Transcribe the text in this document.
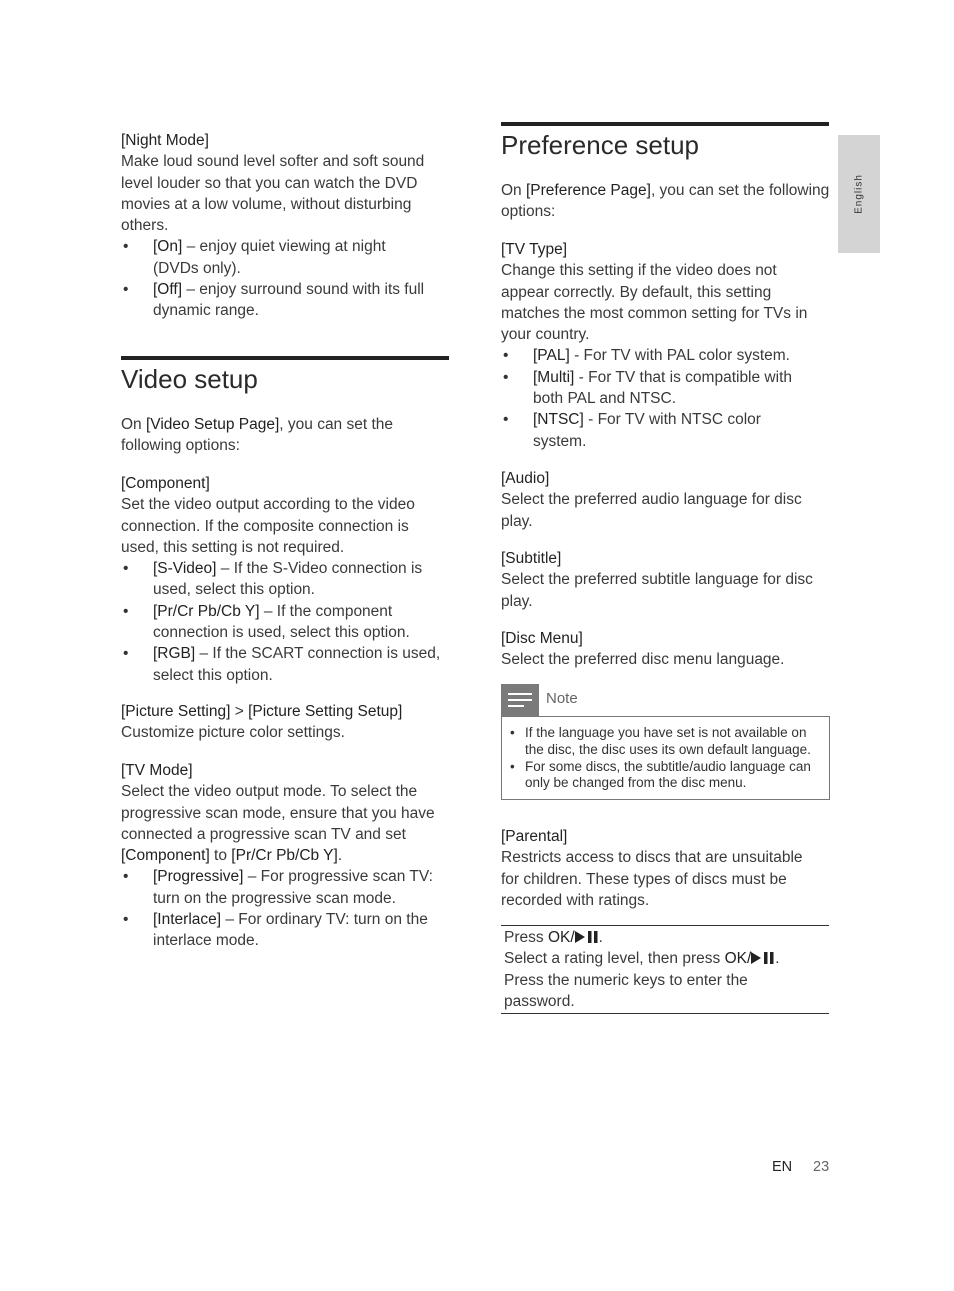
English
[Night Mode]
Make loud sound level softer and soft sound
level louder so that you can watch the DVD
movies at a low volume, without disturbing
others.
• [On] – enjoy quiet viewing at night
(DVDs only).
• [Off] – enjoy surround sound with its full
dynamic range.
Video setup
On [Video Setup Page], you can set the
following options:
[Component]
Set the video output according to the video
connection. If the composite connection is
used, this setting is not required.
• [S-Video] – If the S-Video connection is
used, select this option.
• [Pr/Cr Pb/Cb Y] – If the component
connection is used, select this option.
• [RGB] – If the SCART connection is used,
select this option.
[Picture Setting] > [Picture Setting Setup]
Customize picture color settings.
[TV Mode]
Select the video output mode. To select the
progressive scan mode, ensure that you have
connected a progressive scan TV and set
[Component] to [Pr/Cr Pb/Cb Y].
• [Progressive] – For progressive scan TV:
turn on the progressive scan mode.
• [Interlace] – For ordinary TV: turn on the
interlace mode.
Preference setup
On [Preference Page], you can set the following
options:
[TV Type]
Change this setting if the video does not
appear correctly. By default, this setting
matches the most common setting for TVs in
your country.
• [PAL] - For TV with PAL color system.
• [Multi] - For TV that is compatible with
both PAL and NTSC.
• [NTSC] - For TV with NTSC color
system.
[Audio]
Select the preferred audio language for disc
play.
[Subtitle]
Select the preferred subtitle language for disc
play.
[Disc Menu]
Select the preferred disc menu language.
Note
• If the language you have set is not available on
the disc, the disc uses its own default language.
• For some discs, the subtitle/audio language can
only be changed from the disc menu.
[Parental]
Restricts access to discs that are unsuitable
for children. These types of discs must be
recorded with ratings.
Press OK/ .
Select a rating level, then press OK/ .
Press the numeric keys to enter the
password.
EN 23
